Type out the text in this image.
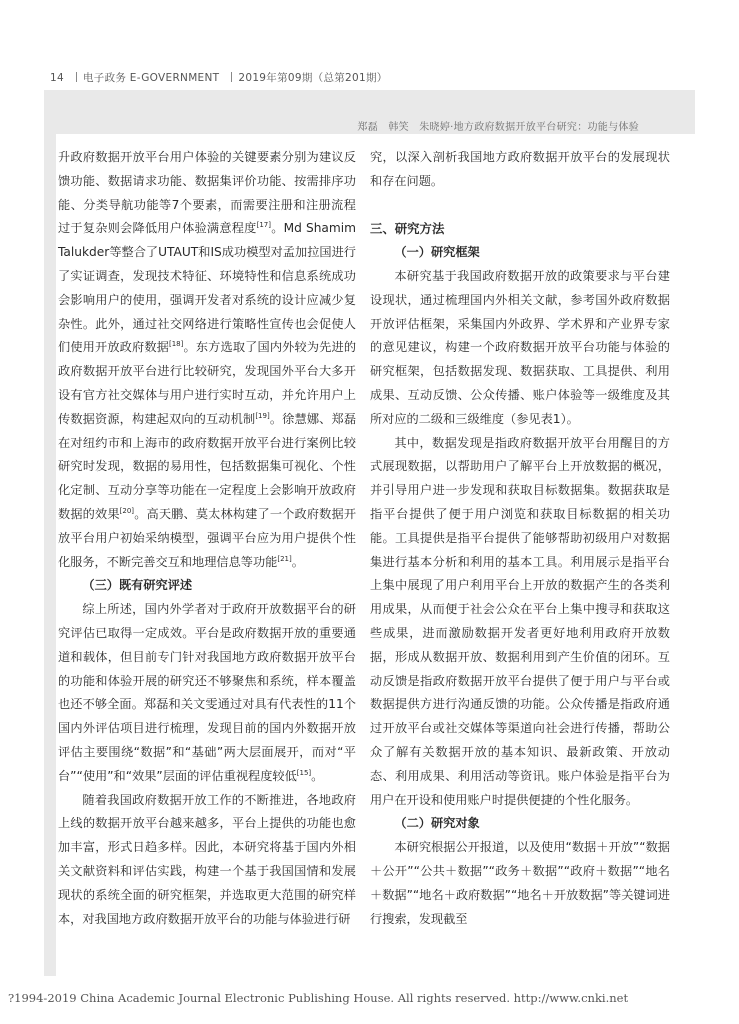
14 电子政务 E-GOVERNMENT 2019年第09期（总第201期）
郑磊　韩笑　朱晓婷·地方政府数据开放平台研究：功能与体验

升政府数据开放平台用户体验的关键要素分别为建议反馈功能、数据请求功能、数据集评价功能、按需排序功能、分类导航功能等7个要素，而需要注册和注册流程过于复杂则会降低用户体验满意程度[17]。Md Shamim Talukder等整合了UTAUT和IS成功模型对孟加拉国进行了实证调查，发现技术特征、环境特性和信息系统成功会影响用户的使用，强调开发者对系统的设计应减少复杂性。此外，通过社交网络进行策略性宣传也会促使人们使用开放政府数据[18]。东方选取了国内外较为先进的政府数据开放平台进行比较研究，发现国外平台大多开设有官方社交媒体与用户进行实时互动，并允许用户上传数据资源，构建起双向的互动机制[19]。徐慧娜、郑磊在对纽约市和上海市的政府数据开放平台进行案例比较研究时发现，数据的易用性，包括数据集可视化、个性化定制、互动分享等功能在一定程度上会影响开放政府数据的效果[20]。高天鹏、莫太林构建了一个政府数据开放平台用户初始采纳模型，强调平台应为用户提供个性化服务，不断完善交互和地理信息等功能[21]。

（三）既有研究评述

综上所述，国内外学者对于政府开放数据平台的研究评估已取得一定成效。平台是政府数据开放的重要通道和载体，但目前专门针对我国地方政府数据开放平台的功能和体验开展的研究还不够聚焦和系统，样本覆盖也还不够全面。郑磊和关文雯通过对具有代表性的11个国内外评估项目进行梳理，发现目前的国内外数据开放评估主要围绕“数据”和“基础”两大层面展开，而对“平台”“使用”和“效果”层面的评估重视程度较低[15]。

随着我国政府数据开放工作的不断推进，各地政府上线的数据开放平台越来越多，平台上提供的功能也愈加丰富，形式日趋多样。因此，本研究将基于国内外相关文献资料和评估实践，构建一个基于我国国情和发展现状的系统全面的研究框架，并选取更大范围的研究样本，对我国地方政府数据开放平台的功能与体验进行研

究，以深入剖析我国地方政府数据开放平台的发展现状和存在问题。

三、研究方法
（一）研究框架

本研究基于我国政府数据开放的政策要求与平台建设现状，通过梳理国内外相关文献，参考国外政府数据开放评估框架，采集国内外政界、学术界和产业界专家的意见建议，构建一个政府数据开放平台功能与体验的研究框架，包括数据发现、数据获取、工具提供、利用成果、互动反馈、公众传播、账户体验等一级维度及其所对应的二级和三级维度（参见表1）。

其中，数据发现是指政府数据开放平台用醒目的方式展现数据，以帮助用户了解平台上开放数据的概况，并引导用户进一步发现和获取目标数据集。数据获取是指平台提供了便于用户浏览和获取目标数据的相关功能。工具提供是指平台提供了能够帮助初级用户对数据集进行基本分析和利用的基本工具。利用展示是指平台上集中展现了用户利用平台上开放的数据产生的各类利用成果，从而便于社会公众在平台上集中搜寻和获取这些成果，进而激励数据开发者更好地利用政府开放数据，形成从数据开放、数据利用到产生价值的闭环。互动反馈是指政府数据开放平台提供了便于用户与平台或数据提供方进行沟通反馈的功能。公众传播是指政府通过开放平台或社交媒体等渠道向社会进行传播，帮助公众了解有关数据开放的基本知识、最新政策、开放动态、利用成果、利用活动等资讯。账户体验是指平台为用户在开设和使用账户时提供便捷的个性化服务。

（二）研究对象

本研究根据公开报道，以及使用“数据＋开放”“数据＋公开”“公共＋数据”“政务＋数据”“政府＋数据”“地名＋数据”“地名＋政府数据”“地名＋开放数据”等关键词进行搜索，发现截至

?1994-2019 China Academic Journal Electronic Publishing House. All rights reserved. http://www.cnki.net
